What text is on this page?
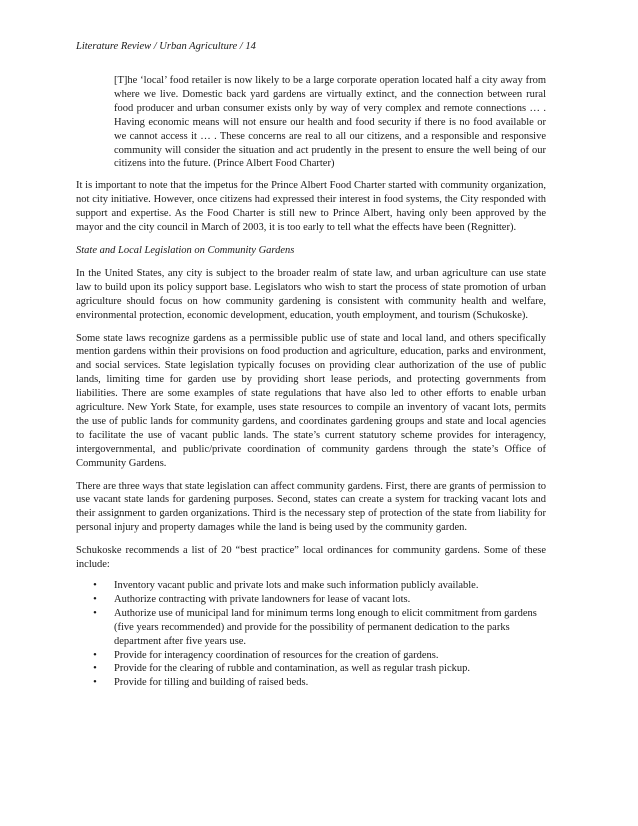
Literature Review / Urban Agriculture / 14
[T]he ‘local’ food retailer is now likely to be a large corporate operation located half a city away from where we live. Domestic back yard gardens are virtually extinct, and the connection between rural food producer and urban consumer exists only by way of very complex and remote connections … . Having economic means will not ensure our health and food security if there is no food available or we cannot access it … . These concerns are real to all our citizens, and a responsible and responsive community will consider the situation and act prudently in the present to ensure the well being of our citizens into the future. (Prince Albert Food Charter)

It is important to note that the impetus for the Prince Albert Food Charter started with community organization, not city initiative. However, once citizens had expressed their interest in food systems, the City responded with support and expertise. As the Food Charter is still new to Prince Albert, having only been approved by the mayor and the city council in March of 2003, it is too early to tell what the effects have been (Regnitter).

State and Local Legislation on Community Gardens

In the United States, any city is subject to the broader realm of state law, and urban agriculture can use state law to build upon its policy support base. Legislators who wish to start the process of state promotion of urban agriculture should focus on how community gardening is consistent with community health and welfare, environmental protection, economic development, education, youth employment, and tourism (Schukoske).

Some state laws recognize gardens as a permissible public use of state and local land, and others specifically mention gardens within their provisions on food production and agriculture, education, parks and environment, and social services. State legislation typically focuses on providing clear authorization of the use of public lands, limiting time for garden use by providing short lease periods, and protecting governments from liabilities. There are some examples of state regulations that have also led to other efforts to enable urban agriculture. New York State, for example, uses state resources to compile an inventory of vacant lots, permits the use of public lands for community gardens, and coordinates gardening groups and state and local agencies to facilitate the use of vacant public lands. The state’s current statutory scheme provides for interagency, intergovernmental, and public/private coordination of community gardens through the state’s Office of Community Gardens.

There are three ways that state legislation can affect community gardens. First, there are grants of permission to use vacant state lands for gardening purposes. Second, states can create a system for tracking vacant lots and their assignment to garden organizations. Third is the necessary step of protection of the state from liability for personal injury and property damages while the land is being used by the community garden.

Schukoske recommends a list of 20 “best practice” local ordinances for community gardens. Some of these include:

•	Inventory vacant public and private lots and make such information publicly available.
•	Authorize contracting with private landowners for lease of vacant lots.
•	Authorize use of municipal land for minimum terms long enough to elicit commitment from gardens (five years recommended) and provide for the possibility of permanent dedication to the parks department after five years use.
•	Provide for interagency coordination of resources for the creation of gardens.
•	Provide for the clearing of rubble and contamination, as well as regular trash pickup.
•	Provide for tilling and building of raised beds.
